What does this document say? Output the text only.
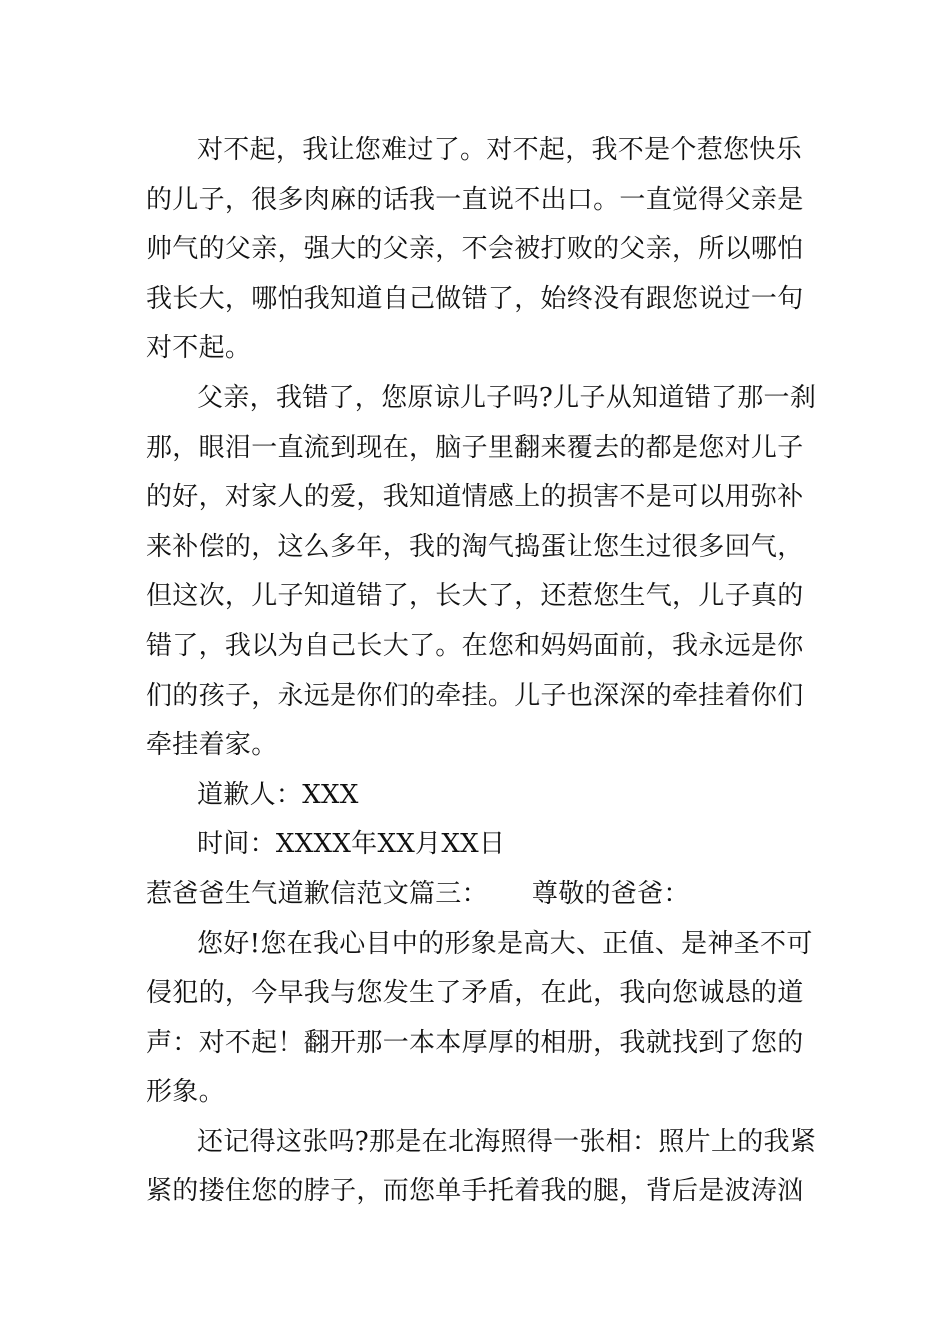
对不起，我让您难过了。对不起，我不是个惹您快乐
的儿子，很多肉麻的话我一直说不出口。一直觉得父亲是
帅气的父亲，强大的父亲，不会被打败的父亲，所以哪怕
我长大，哪怕我知道自己做错了，始终没有跟您说过一句
对不起。
父亲，我错了，您原谅儿子吗?儿子从知道错了那一刹
那，眼泪一直流到现在，脑子里翻来覆去的都是您对儿子
的好，对家人的爱，我知道情感上的损害不是可以用弥补
来补偿的，这么多年，我的淘气捣蛋让您生过很多回气，
但这次，儿子知道错了，长大了，还惹您生气，儿子真的
错了，我以为自己长大了。在您和妈妈面前，我永远是你
们的孩子，永远是你们的牵挂。儿子也深深的牵挂着你们
牵挂着家。
道歉人：XXX
时间：XXXX年XX月XX日
惹爸爸生气道歉信范文篇三： 尊敬的爸爸：
您好!您在我心目中的形象是高大、正值、是神圣不可
侵犯的，今早我与您发生了矛盾，在此，我向您诚恳的道
声：对不起！翻开那一本本厚厚的相册，我就找到了您的
形象。
还记得这张吗?那是在北海照得一张相：照片上的我紧
紧的搂住您的脖子，而您单手托着我的腿，背后是波涛汹
